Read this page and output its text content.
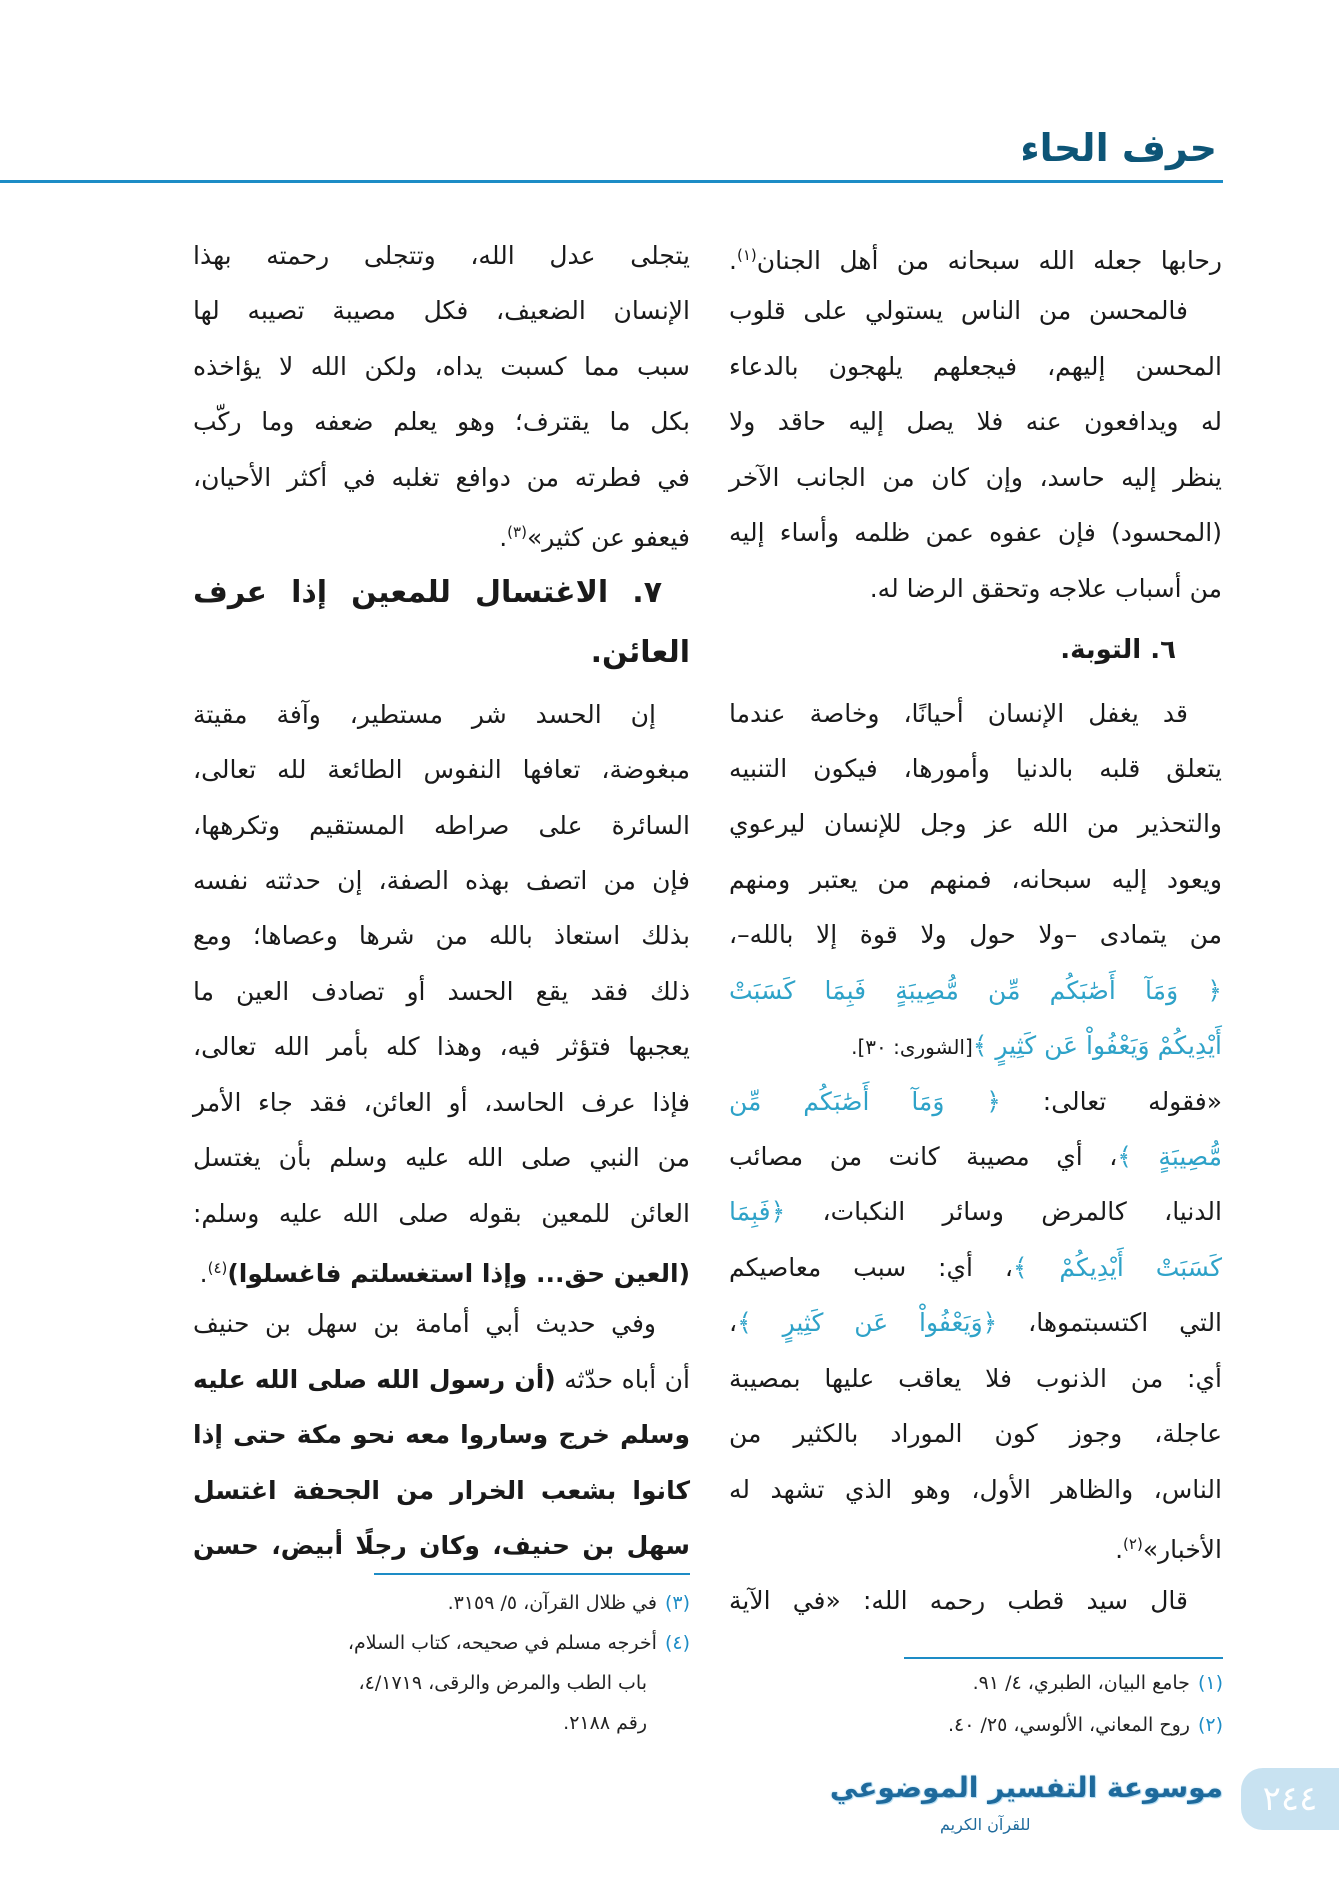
حرف الحاء
رحابها جعله الله سبحانه من أهل الجنان$^{(١)}$.
فالمحسن من الناس يستولي على قلوب
المحسن إليهم، فيجعلهم يلهجون بالدعاء
له ويدافعون عنه فلا يصل إليه حاقد ولا
ينظر إليه حاسد، وإن كان من الجانب الآخر
(المحسود) فإن عفوه عمن ظلمه وأساء إليه
من أسباب علاجه وتحقق الرضا له.
٦. التوبة.
قد يغفل الإنسان أحيانًا، وخاصة عندما
يتعلق قلبه بالدنيا وأمورها، فيكون التنبيه
والتحذير من الله عز وجل للإنسان ليرعوي
ويعود إليه سبحانه، فمنهم من يعتبر ومنهم
من يتمادى –ولا حول ولا قوة إلا بالله–،
﴿ وَمَآ أَصَٰبَكُم مِّن مُّصِيبَةٍ فَبِمَا كَسَبَتْ
أَيْدِيكُمْ وَيَعْفُواْ عَن كَثِيرٍ ﴾[الشورى: ٣٠].
«فقوله تعالى: ﴿ وَمَآ أَصَٰبَكُم مِّن
مُّصِيبَةٍ ﴾، أي مصيبة كانت من مصائب
الدنيا، كالمرض وسائر النكبات، ﴿فَبِمَا
كَسَبَتْ أَيْدِيكُمْ ﴾، أي: سبب معاصيكم
التي اكتسبتموها، ﴿وَيَعْفُواْ عَن كَثِيرٍ ﴾،
أي: من الذنوب فلا يعاقب عليها بمصيبة
عاجلة، وجوز كون الموراد بالكثير من
الناس، والظاهر الأول، وهو الذي تشهد له
الأخبار»$^{(٢)}$.
قال سيد قطب رحمه الله: «في الآية
يتجلى عدل الله، وتتجلى رحمته بهذا
الإنسان الضعيف، فكل مصيبة تصيبه لها
سبب مما كسبت يداه، ولكن الله لا يؤاخذه
بكل ما يقترف؛ وهو يعلم ضعفه وما ركّب
في فطرته من دوافع تغلبه في أكثر الأحيان،
فيعفو عن كثير»$^{(٣)}$.
٧. الاغتسال للمعين إذا عرف
العائن.
إن الحسد شر مستطير، وآفة مقيتة
مبغوضة، تعافها النفوس الطائعة لله تعالى،
السائرة على صراطه المستقيم وتكرهها،
فإن من اتصف بهذه الصفة، إن حدثته نفسه
بذلك استعاذ بالله من شرها وعصاها؛ ومع
ذلك فقد يقع الحسد أو تصادف العين ما
يعجبها فتؤثر فيه، وهذا كله بأمر الله تعالى،
فإذا عرف الحاسد، أو العائن، فقد جاء الأمر
من النبي صلى الله عليه وسلم بأن يغتسل
العائن للمعين بقوله صلى الله عليه وسلم:
(العين حق... وإذا استغسلتم فاغسلوا)$^{(٤)}$.
وفي حديث أبي أمامة بن سهل بن حنيف
أن أباه حدّثه (أن رسول الله صلى الله عليه
وسلم خرج وساروا معه نحو مكة حتى إذا
كانوا بشعب الخرار من الجحفة اغتسل
سهل بن حنيف، وكان رجلًا أبيض، حسن
(١)جامع البيان، الطبري، ٤/ ٩١.
(٢)روح المعاني، الألوسي، ٢٥/ ٤٠.
(٣)في ظلال القرآن، ٥/ ٣١٥٩.
(٤)أخرجه مسلم في صحيحه، كتاب السلام،
باب الطب والمرض والرقى، ٤/١٧١٩،
رقم ٢١٨٨.
موسوعة التفسير الموضوعي
للقرآن الكريم
٢٤٤
